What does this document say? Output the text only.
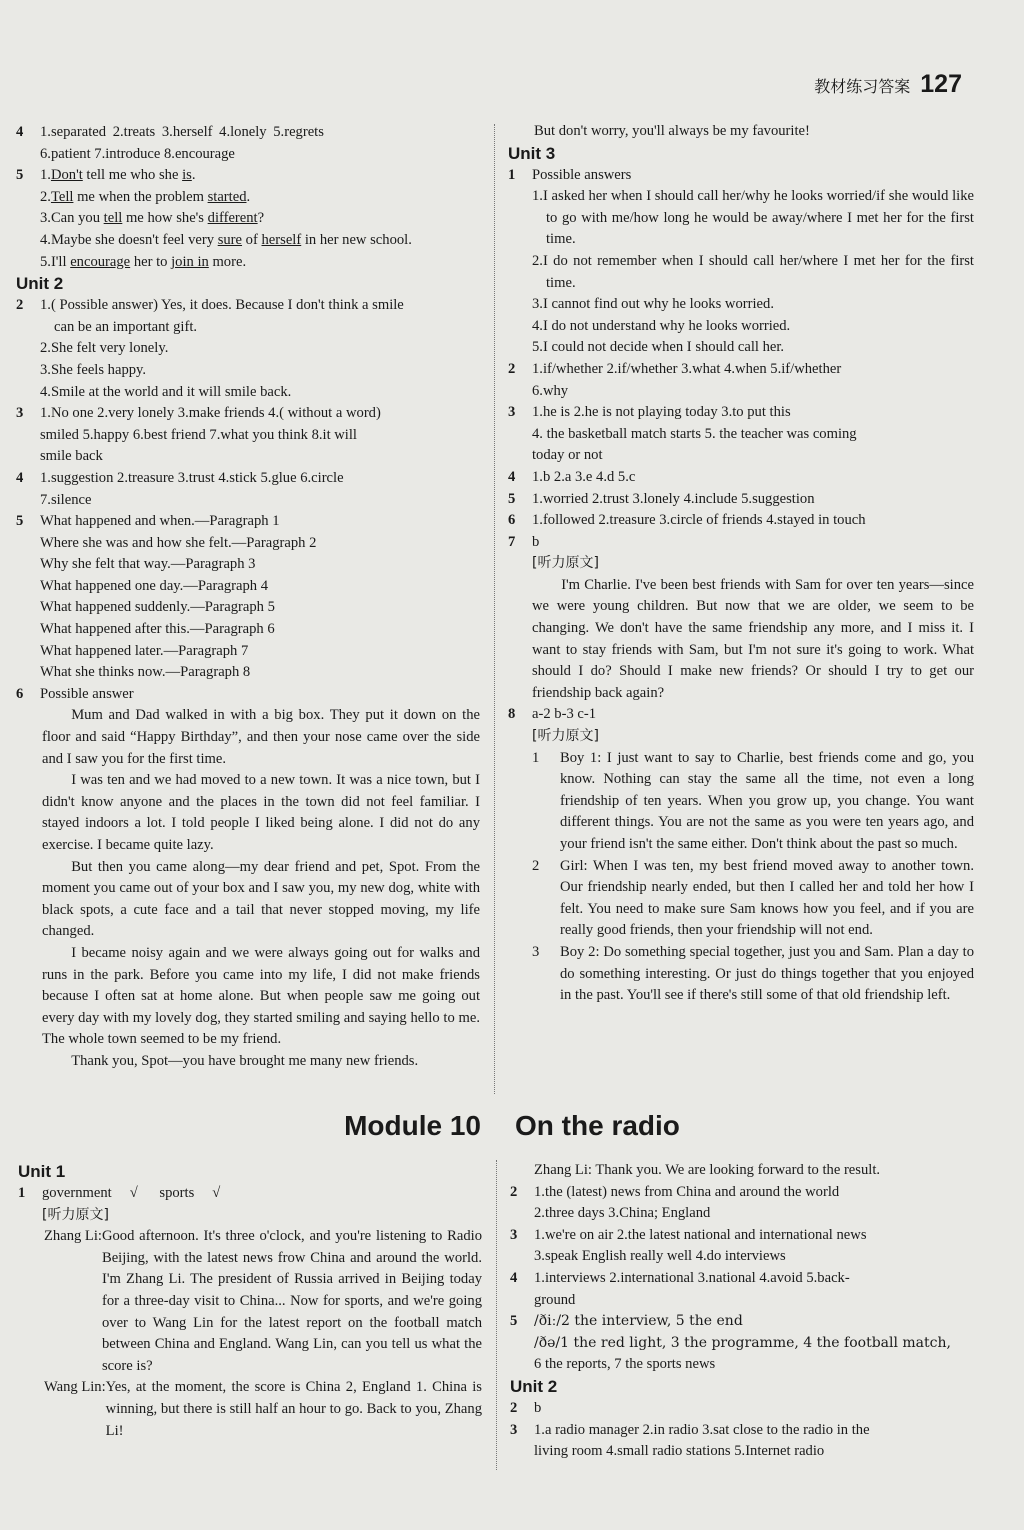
教材练习答案 127
4 1.separated 2.treats 3.herself 4.lonely 5.regrets
6.patient 7.introduce 8.encourage
5 1.Don't tell me who she is.
2.Tell me when the problem started.
3.Can you tell me how she's different?
4.Maybe she doesn't feel very sure of herself in her new school.
5.I'll encourage her to join in more.
Unit 2
2 1.( Possible answer) Yes, it does. Because I don't think a smile
can be an important gift.
2.She felt very lonely.
3.She feels happy.
4.Smile at the world and it will smile back.
3 1.No one 2.very lonely 3.make friends 4.( without a word)
smiled 5.happy 6.best friend 7.what you think 8.it will
smile back
4 1.suggestion 2.treasure 3.trust 4.stick 5.glue 6.circle
7.silence
5 What happened and when.—Paragraph 1
Where she was and how she felt.—Paragraph 2
Why she felt that way.—Paragraph 3
What happened one day.—Paragraph 4
What happened suddenly.—Paragraph 5
What happened after this.—Paragraph 6
What happened later.—Paragraph 7
What she thinks now.—Paragraph 8
6 Possible answer
Mum and Dad walked in with a big box. They put it down on the floor and said “Happy Birthday”, and then your nose came over the side and I saw you for the first time.
I was ten and we had moved to a new town. It was a nice town, but I didn't know anyone and the places in the town did not feel familiar. I stayed indoors a lot. I told people I liked being alone. I did not do any exercise. I became quite lazy.
But then you came along—my dear friend and pet, Spot. From the moment you came out of your box and I saw you, my new dog, white with black spots, a cute face and a tail that never stopped moving, my life changed.
I became noisy again and we were always going out for walks and runs in the park. Before you came into my life, I did not make friends because I often sat at home alone. But when people saw me going out every day with my lovely dog, they started smiling and saying hello to me. The whole town seemed to be my friend.
Thank you, Spot—you have brought me many new friends.
But don't worry, you'll always be my favourite!
Unit 3
1 Possible answers
1.I asked her when I should call her/why he looks worried/if she would like to go with me/how long he would be away/where I met her for the first time.
2.I do not remember when I should call her/where I met her for the first time.
3.I cannot find out why he looks worried.
4.I do not understand why he looks worried.
5.I could not decide when I should call her.
2 1.if/whether 2.if/whether 3.what 4.when 5.if/whether
6.why
3 1.he is 2.he is not playing today 3.to put this
4. the basketball match starts 5. the teacher was coming
today or not
4 1.b 2.a 3.e 4.d 5.c
5 1.worried 2.trust 3.lonely 4.include 5.suggestion
6 1.followed 2.treasure 3.circle of friends 4.stayed in touch
7 b
[听力原文]
I'm Charlie. I've been best friends with Sam for over ten years—since we were young children. But now that we are older, we seem to be changing. We don't have the same friendship any more, and I miss it. I want to stay friends with Sam, but I'm not sure it's going to work. What should I do? Should I make new friends? Or should I try to get our friendship back again?
8 a-2 b-3 c-1
[听力原文]
1 Boy 1: I just want to say to Charlie, best friends come and go, you know. Nothing can stay the same all the time, not even a long friendship of ten years. When you grow up, you change. You want different things. You are not the same as you were ten years ago, and your friend isn't the same either. Don't think about the past so much.
2 Girl: When I was ten, my best friend moved away to another town. Our friendship nearly ended, but then I called her and told her how I felt. You need to make sure Sam knows how you feel, and if you are really good friends, then your friendship will not end.
3 Boy 2: Do something special together, just you and Sam. Plan a day to do something interesting. Or just do things together that you enjoyed in the past. You'll see if there's still some of that old friendship left.
Module 10 On the radio
Unit 1
1 government √ sports √
[听力原文]
Zhang Li: Good afternoon. It's three o'clock, and you're listening to Radio Beijing, with the latest news frow China and around the world. I'm Zhang Li. The president of Russia arrived in Beijing today for a three-day visit to China... Now for sports, and we're going over to Wang Lin for the latest report on the football match between China and England. Wang Lin, can you tell us what the score is?
Wang Lin: Yes, at the moment, the score is China 2, England 1. China is winning, but there is still half an hour to go. Back to you, Zhang Li!
Zhang Li: Thank you. We are looking forward to the result.
2 1.the (latest) news from China and around the world
2.three days 3.China; England
3 1.we're on air 2.the latest national and international news
3.speak English really well 4.do interviews
4 1.interviews 2.international 3.national 4.avoid 5.back-
ground
5 /ðiː/2 the interview, 5 the end
/ðə/1 the red light, 3 the programme, 4 the football match,
6 the reports, 7 the sports news
Unit 2
2 b
3 1.a radio manager 2.in radio 3.sat close to the radio in the
living room 4.small radio stations 5.Internet radio
